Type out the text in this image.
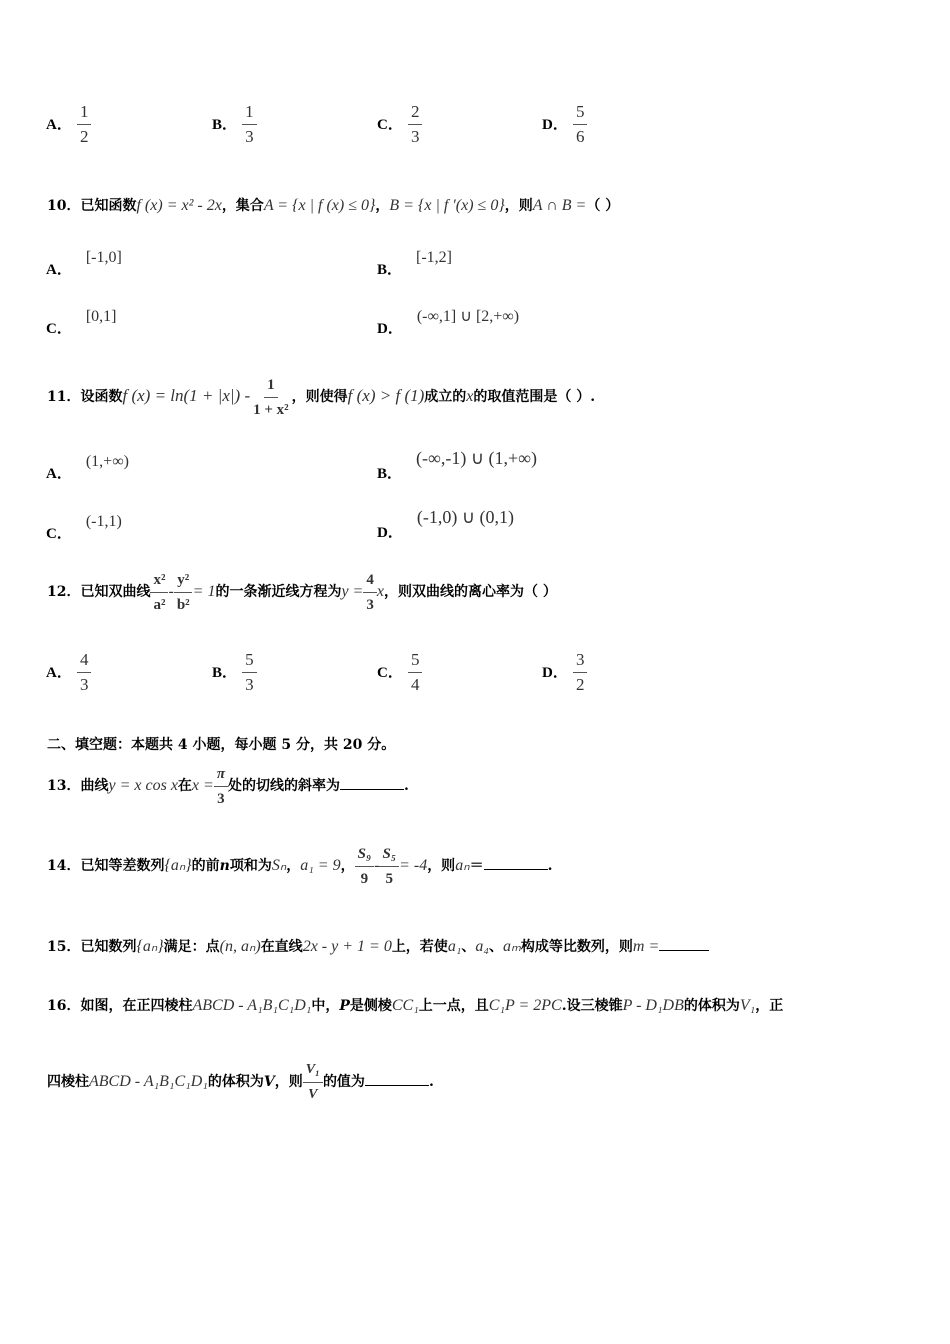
A． $\frac{1}{2}$	B． $\frac{1}{3}$	C． $\frac{2}{3}$	D． $\frac{5}{6}$
10．已知函数f (x) = x² - 2x，集合A = {x | f (x) ≤ 0}，B = {x | f ′(x) ≤ 0}，则A ∩ B =（ ）
A．[-1,0]
B．[-1,2]
C．[0,1]
D．(-∞,1] ∪ [2,+∞)
11．设函数f $(x) = \ln(1 + |x|) - \frac{1}{\text{1 + x²}}$ ，则使得f (x) > f (1)成立的x的取值范围是（ ）.
A．(1,+∞)
B．(-∞,-1) ∪ (1,+∞)
C．(-1,1)
D．(-1,0) ∪ (0,1)
12．已知双曲线 $\frac{\text{x²}}{\text{a²}} - \frac{\text{y²}}{\text{b²}} = 1$的一条渐近线方程为$y = \frac{4}{3}$ x，则双曲线的离心率为（ ）
A． $\frac{4}{3}$	B． $\frac{5}{3}$	C． $\frac{5}{4}$	D． $\frac{3}{2}$
二、填空题：本题共 4 小题，每小题 5 分，共 20 分。
13．曲线y = x cos x在$x = \frac{\pi}{3}$ 处的切线的斜率为	.
14．已知等差数列{aₙ}的前n项和为Sₙ，a₁ = 9， $\frac{\text{S₉}}{9} - \frac{\text{S₅}}{5} = -4$，则aₙ＝	.
15．已知数列{aₙ}满足：点(n, aₙ)在直线2x - y + 1 = 0上，若使a₁、a₄、aₘ构成等比数列，则m =
16．如图，在正四棱柱ABCD - A₁B₁C₁D₁中，P是侧棱CC₁上一点，且C₁P = 2PC.设三棱锥P - D₁DB的体积为V₁，正
四棱柱ABCD - A₁B₁C₁D₁的体积为V，则 $\frac{\text{V₁}}{V}$ 的值为	.
